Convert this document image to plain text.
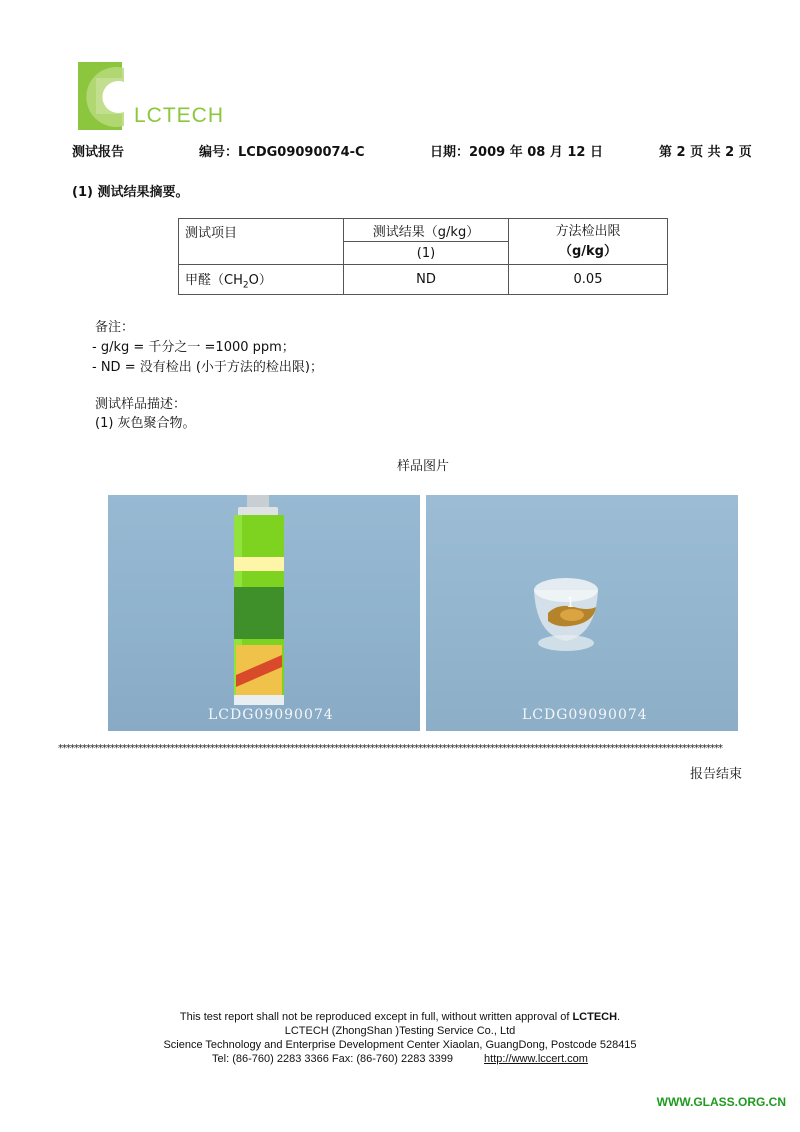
LCTECH
测试报告	编号：LCDG09090074-C	日期：2009 年 08 月 12 日	第 2 页 共 2 页
(1) 测试结果摘要。
测试项目	测试结果（g/kg）	方法检出限
（g/kg）

	(1)	
甲醛$(CH_2O)$	ND	0.05
备注：
- g/kg = 千分之一 =1000 ppm；
- ND = 没有检出 (小于方法的检出限)；
测试样品描述：
(1) 灰色聚合物。
样品图片
LCDG09090074
1
LCDG09090074
**********************************************************************************************************************************************************************
报告结束
This test report shall not be reproduced except in full, without written approval of LCTECH.
LCTECH (ZhongShan )Testing Service Co., Ltd
Science Technology and Enterprise Development Center Xiaolan, GuangDong, Postcode 528415
Tel: (86-760) 2283 3366 Fax: (86-760) 2283 3399	http://www.lccert.com
WWW.GLASS.ORG.CN
